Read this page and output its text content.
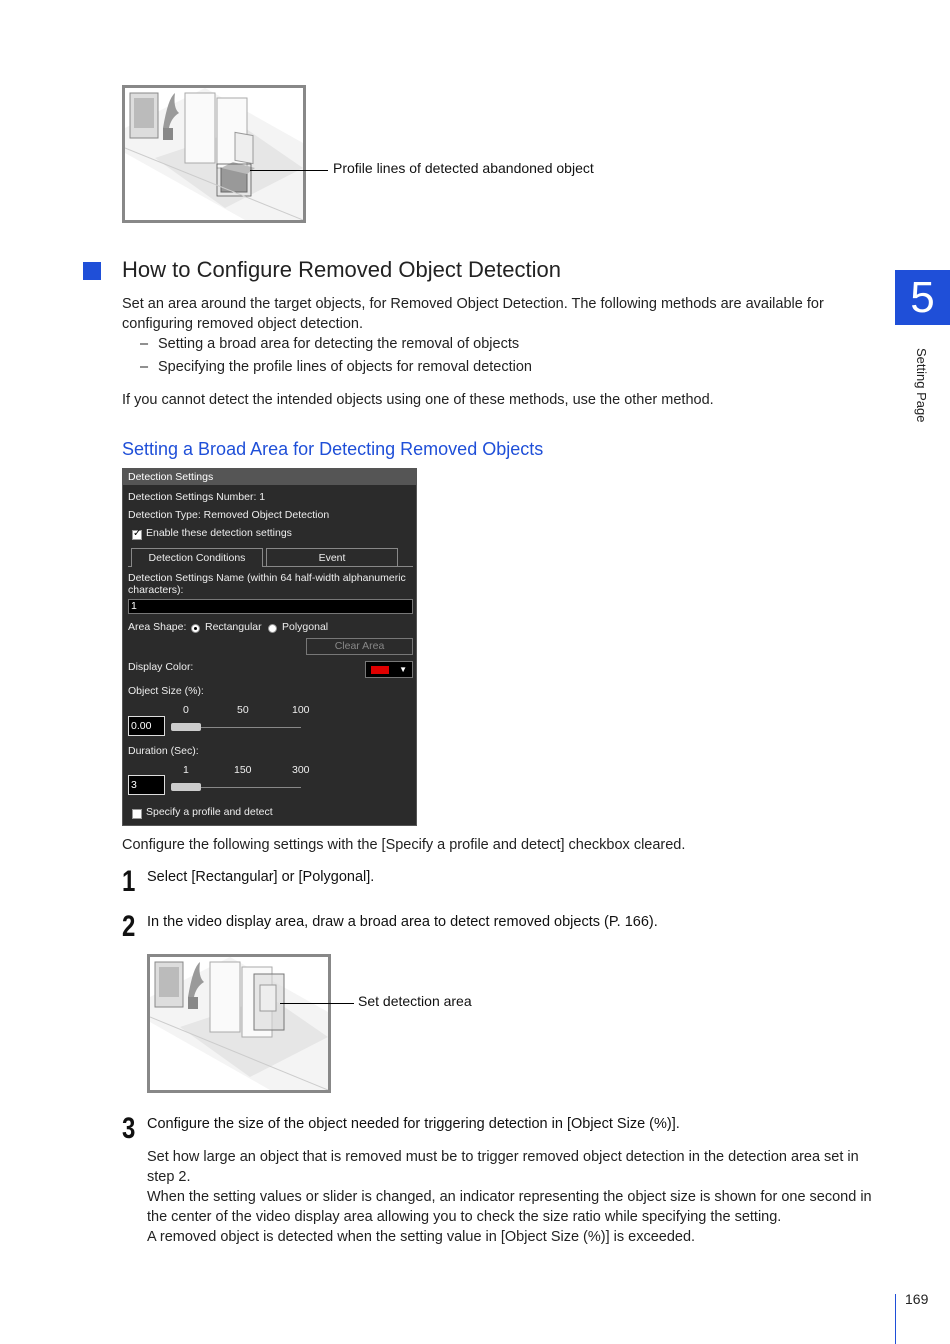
Profile lines of detected abandoned object
How to Configure Removed Object Detection
Set an area around the target objects, for Removed Object Detection. The following methods are available for configuring removed object detection.
– Setting a broad area for detecting the removal of objects
– Specifying the profile lines of objects for removal detection
If you cannot detect the intended objects using one of these methods, use the other method.
Setting a Broad Area for Detecting Removed Objects
Detection Settings
Detection Settings Number: 1
Detection Type: Removed Object Detection
✓
Enable these detection settings
Detection Conditions	Event
Detection Settings Name (within 64 half-width alphanumeric
characters):
1
Area Shape: Rectangular Polygonal
Clear Area
Display Color:	▼
Object Size (%):
0	50	100
0.00
Duration (Sec):
1	150	300
3
Specify a profile and detect
Configure the following settings with the [Specify a profile and detect] checkbox cleared.
1 Select [Rectangular] or [Polygonal].
2 In the video display area, draw a broad area to detect removed objects (P. 166).
Set detection area
3 Configure the size of the object needed for triggering detection in [Object Size (%)].
Set how large an object that is removed must be to trigger removed object detection in the detection area set in step 2.
When the setting values or slider is changed, an indicator representing the object size is shown for one second in the center of the video display area allowing you to check the size ratio while specifying the setting.
A removed object is detected when the setting value in [Object Size (%)] is exceeded.
5
Setting Page
169
